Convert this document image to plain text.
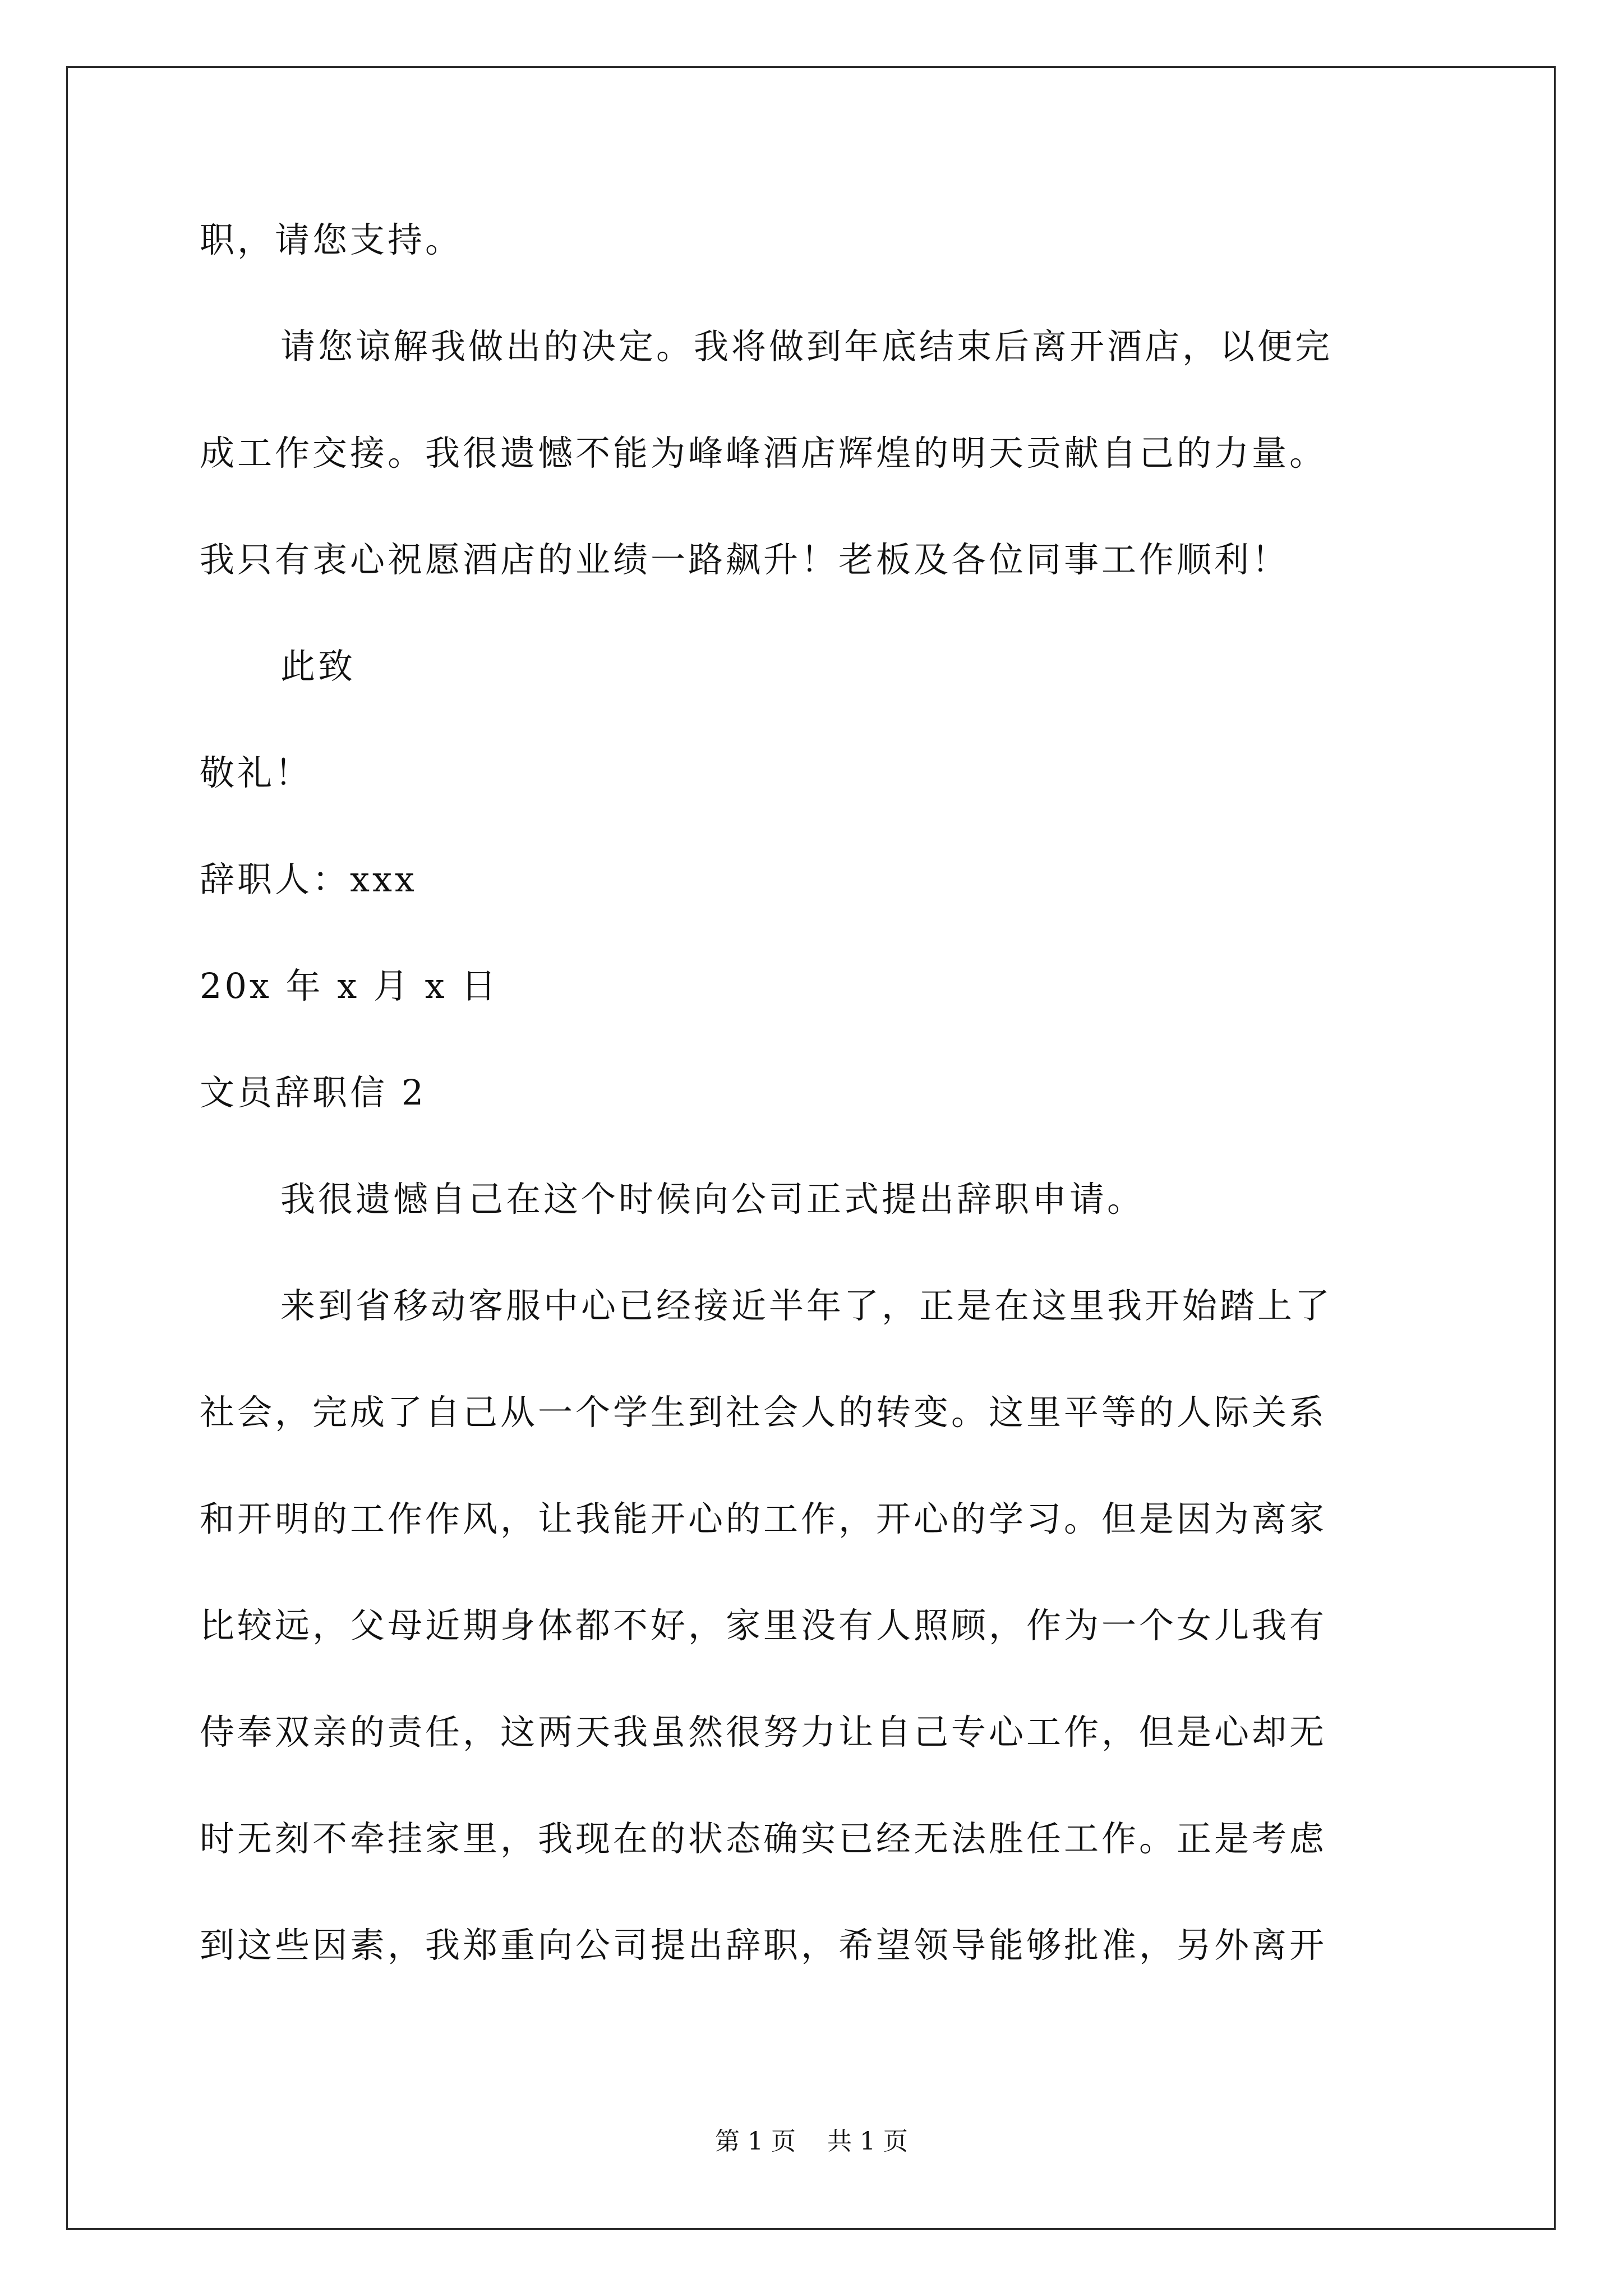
职，请您支持。
请您谅解我做出的决定。我将做到年底结束后离开酒店，以便完
成工作交接。我很遗憾不能为峰峰酒店辉煌的明天贡献自己的力量。
我只有衷心祝愿酒店的业绩一路飙升！老板及各位同事工作顺利！
此致
敬礼！
辞职人：xxx
20x 年 x 月 x 日
文员辞职信 2
我很遗憾自己在这个时候向公司正式提出辞职申请。
来到省移动客服中心已经接近半年了，正是在这里我开始踏上了
社会，完成了自己从一个学生到社会人的转变。这里平等的人际关系
和开明的工作作风，让我能开心的工作，开心的学习。但是因为离家
比较远，父母近期身体都不好，家里没有人照顾，作为一个女儿我有
侍奉双亲的责任，这两天我虽然很努力让自己专心工作，但是心却无
时无刻不牵挂家里，我现在的状态确实已经无法胜任工作。正是考虑
到这些因素，我郑重向公司提出辞职，希望领导能够批准，另外离开
第 1 页    共 1 页
